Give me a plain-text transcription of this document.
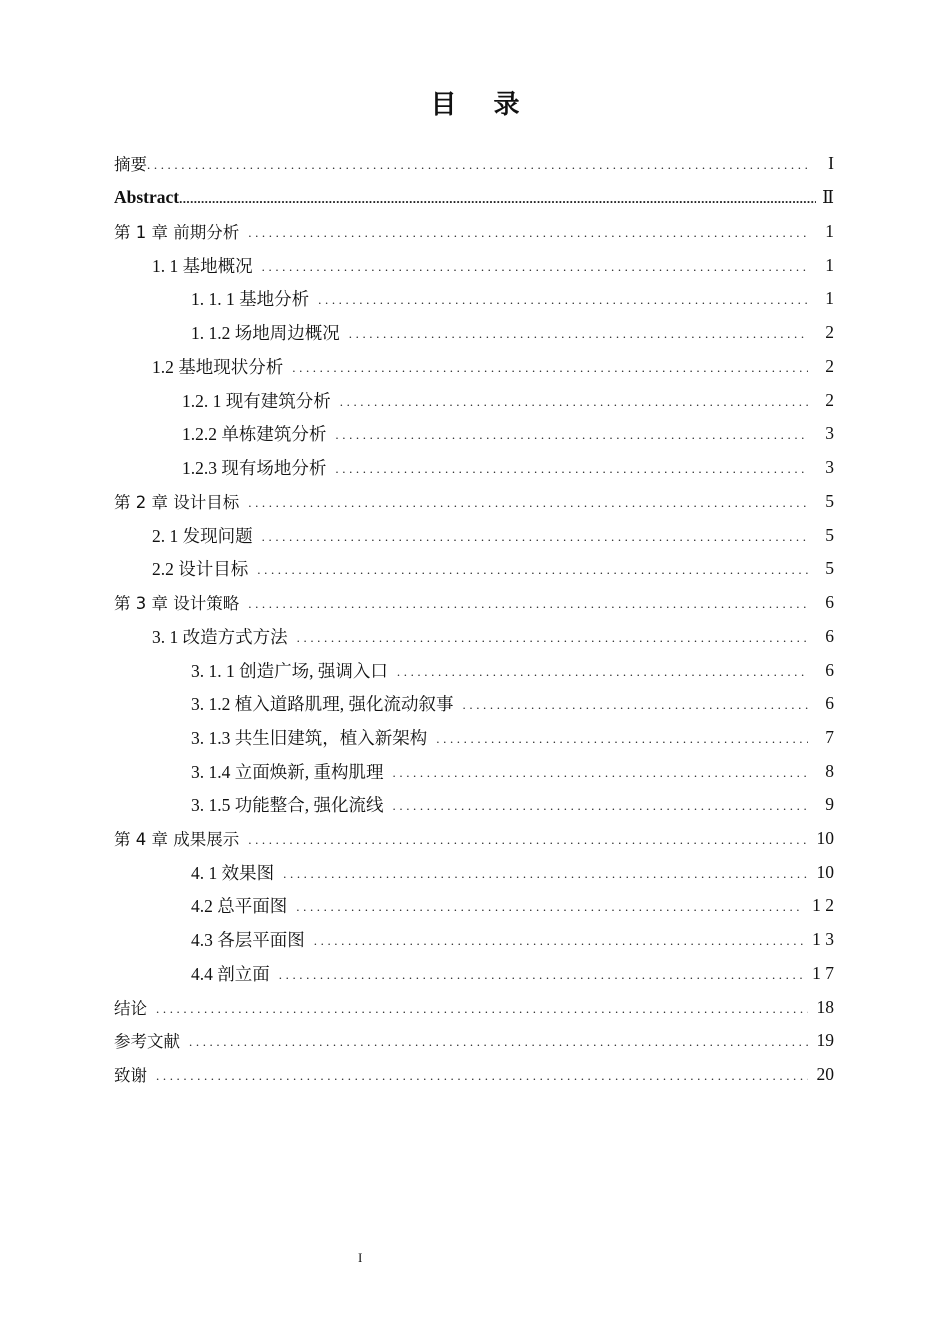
目 录
摘要 .....	I
Abstract .....	Ⅱ
第 1 章 前期分析 .....	1
1. 1 基地概况 .....	1
1. 1. 1 基地分析 .....	1
1. 1.2 场地周边概况 .....	2
1.2 基地现状分析 .....	2
1.2. 1 现有建筑分析 .....	2
1.2.2 单栋建筑分析 .....	3
1.2.3 现有场地分析 .....	3
第 2 章 设计目标 .....	5
2. 1 发现问题 .....	5
2.2 设计目标 .....	5
第 3 章 设计策略 .....	6
3. 1 改造方式方法 .....	6
3. 1. 1 创造广场, 强调入口 .....	6
3. 1.2 植入道路肌理, 强化流动叙事 .....	6
3. 1.3 共生旧建筑，植入新架构 .....	7
3. 1.4 立面焕新, 重构肌理 .....	8
3. 1.5 功能整合, 强化流线 .....	9
第 4 章 成果展示 .....	10
4. 1 效果图 .....	10
4.2 总平面图 .....	1 2
4.3 各层平面图 .....	1 3
4.4 剖立面 .....	1 7
结论 .....	18
参考文献 .....	19
致谢 .....	20
I
